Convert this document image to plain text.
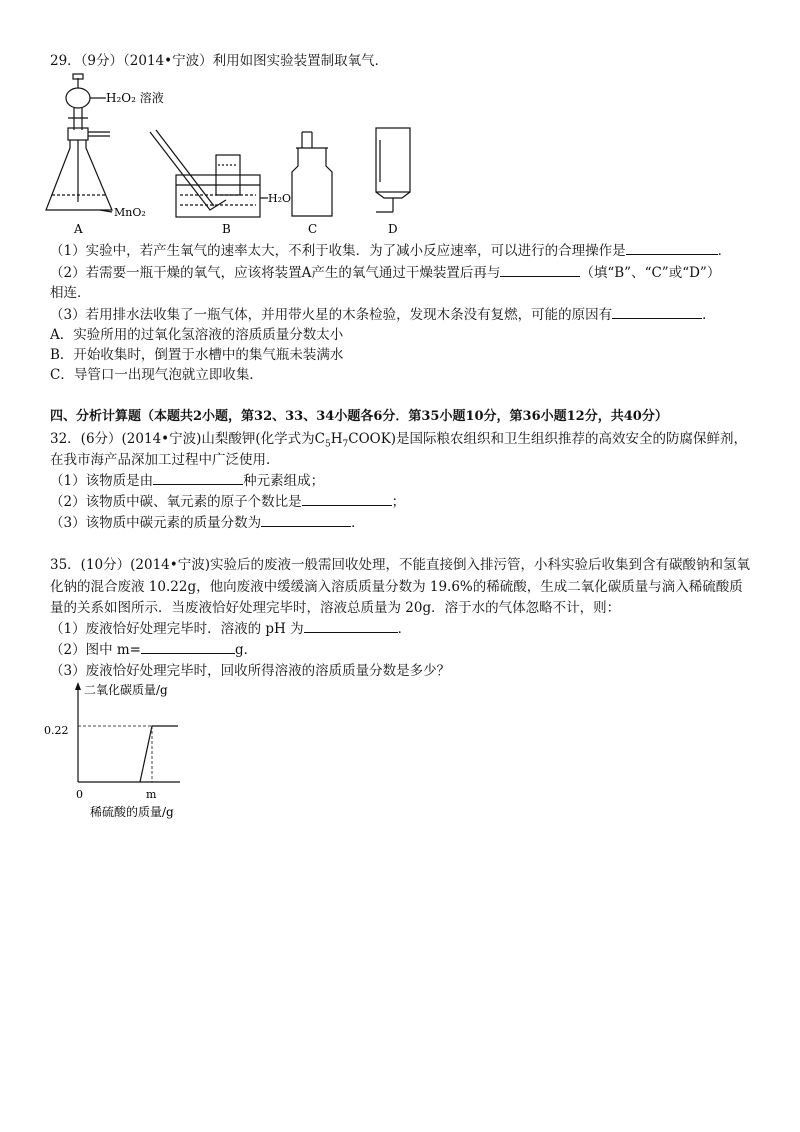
29．（9分）（2014•宁波）利用如图实验装置制取氧气．
H₂O₂ 溶液
MnO₂
A
H₂O
B	C	D
（1）实验中，若产生氧气的速率太大，不利于收集．为了减小反应速率，可以进行的合理操作是	．
（2）若需要一瓶干燥的氧气，应该将装置A产生的氧气通过干燥装置后再与	（填“B”、“C”或“D”）
相连．
（3）若用排水法收集了一瓶气体，并用带火星的木条检验，发现木条没有复燃，可能的原因有	．
A．实验所用的过氧化氢溶液的溶质质量分数太小
B．开始收集时，倒置于水槽中的集气瓶未装满水
C．导管口一出现气泡就立即收集．
四、分析计算题（本题共2小题，第32、33、34小题各6分．第35小题10分，第36小题12分，共40分）
32．(6分）(2014•宁波)山梨酸钾(化学式为$C_5H_7COOK$)是国际粮农组织和卫生组织推荐的高效安全的防腐保鲜剂，
在我市海产品深加工过程中广泛使用．
（1）该物质是由	种元素组成；
（2）该物质中碳、氧元素的原子个数比是	；
（3）该物质中碳元素的质量分数为	．
35．(10分）(2014•宁波)实验后的废液一般需回收处理，不能直接倒入排污管，小科实验后收集到含有碳酸钠和氢氧
化钠的混合废液 10.22g，他向废液中缓缓滴入溶质质量分数为 19.6%的稀硫酸，生成二氧化碳质量与滴入稀硫酸质
量的关系如图所示．当废液恰好处理完毕时，溶液总质量为 20g．溶于水的气体忽略不计，则：
（1）废液恰好处理完毕时．溶液的 pH 为	．
（2）图中 m=	g．
（3）废液恰好处理完毕时，回收所得溶液的溶质质量分数是多少？
二氧化碳质量/g
0.22
0	m
稀硫酸的质量/g
